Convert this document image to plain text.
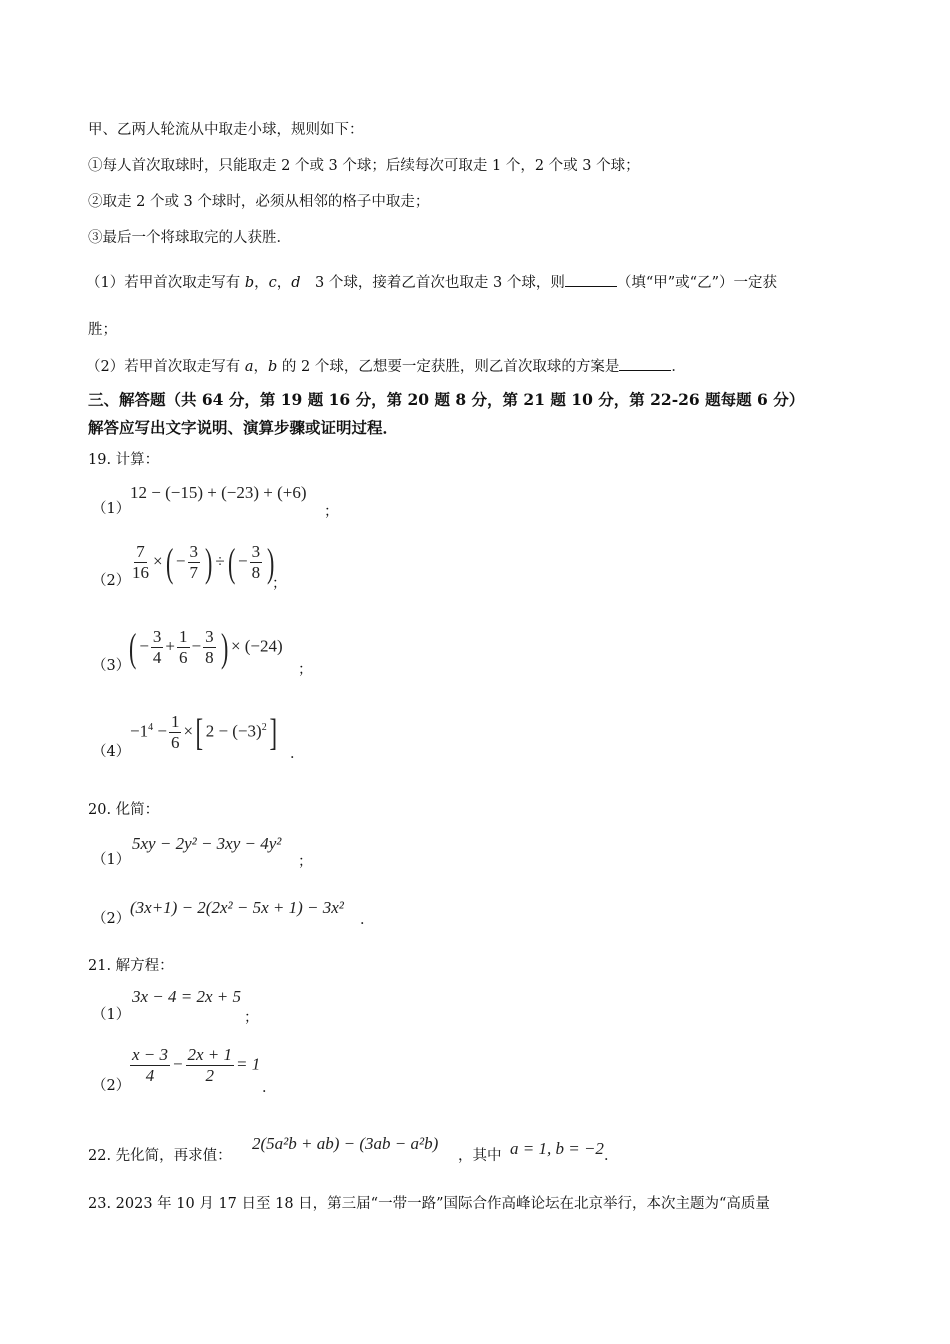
甲、乙两人轮流从中取走小球，规则如下：
①每人首次取球时，只能取走 2 个或 3 个球；后续每次可取走 1 个，2 个或 3 个球；
②取走 2 个或 3 个球时，必须从相邻的格子中取走；
③最后一个将球取完的人获胜．
（1）若甲首次取走写有 b，c，d　3 个球，接着乙首次也取走 3 个球，则	（填“甲”或“乙”）一定获
胜；
（2）若甲首次取走写有 a，b 的 2 个球，乙想要一定获胜，则乙首次取球的方案是	．
三、解答题（共 64 分，第 19 题 16 分，第 20 题 8 分，第 21 题 10 分，第 22-26 题每题 6 分）
解答应写出文字说明、演算步骤或证明过程．
19. 计算：
（1）
12 − (−15) + (−23) + (+6)
；
$(2) \frac{7}{16}$ ×( − $\frac{3}{7}$ ) ÷( − $\frac{3}{8}$ )
；
（3）
( − $\frac{3}{4} + \frac{1}{6} - \frac{3}{8}$ ) × (−24)
；
（4）
$-1^4 - \frac{1}{6}$ ×[ $2 - (-3)^2$]
．
20. 化简：
（1）
5xy − 2y² − 3xy − 4y²
；
（2）
(3x+1) − 2(2x² − 5x + 1) − 3x²
．
21. 解方程：
（1）
3x − 4 = 2x + 5
；
$(2) \frac{x - 3}{4} - \frac{2x + 1}{2} = 1$
．
22. 先化简，再求值：
2(5a²b + ab) − (3ab − a²b)
，其中 a = 1, b = −2 ．
23. 2023 年 10 月 17 日至 18 日，第三届“一带一路”国际合作高峰论坛在北京举行，本次主题为“高质量
